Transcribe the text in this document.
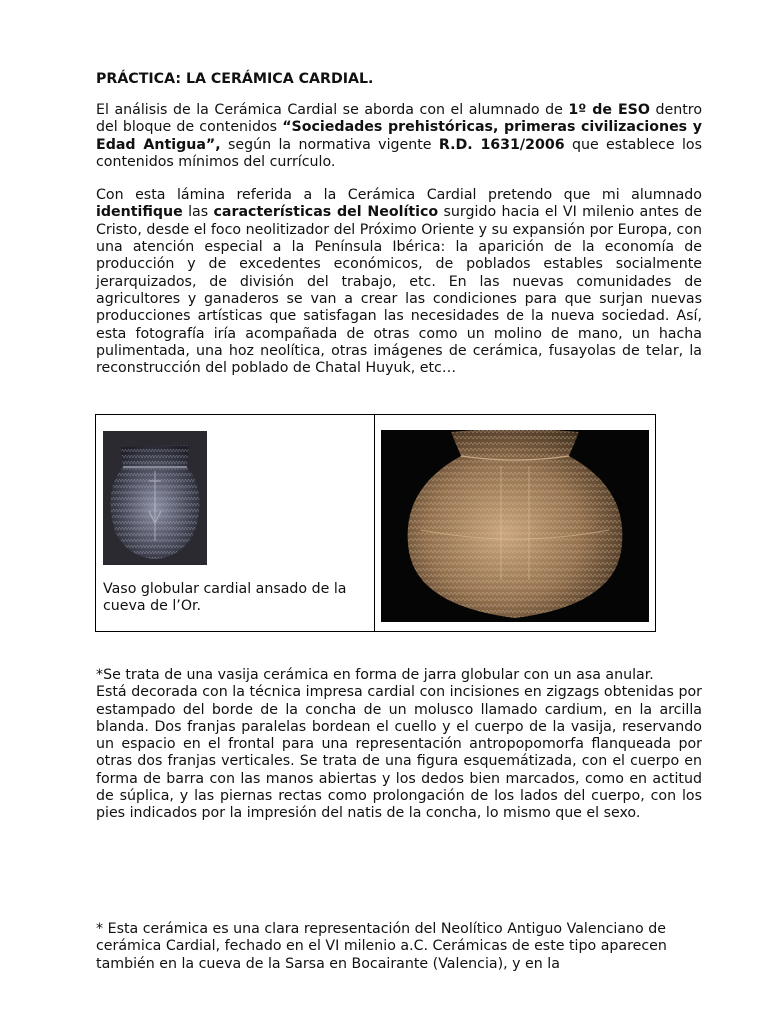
PRÁCTICA: LA CERÁMICA CARDIAL.

El análisis de la Cerámica Cardial se aborda con el alumnado de 1º de ESO dentro del bloque de contenidos “Sociedades prehistóricas, primeras civilizaciones y Edad Antigua”, según la normativa vigente R.D. 1631/2006 que establece los contenidos mínimos del currículo.

Con esta lámina referida a la Cerámica Cardial pretendo que mi alumnado identifique las características del Neolítico surgido hacia el VI milenio antes de Cristo, desde el foco neolitizador del Próximo Oriente y su expansión por Europa, con una atención especial a la Península Ibérica: la aparición de la economía de producción y de excedentes económicos, de poblados estables socialmente jerarquizados, de división del trabajo, etc. En las nuevas comunidades de agricultores y ganaderos se van a crear las condiciones para que surjan nuevas producciones artísticas que satisfagan las necesidades de la nueva sociedad. Así, esta fotografía iría acompañada de otras como un molino de mano, un hacha pulimentada, una hoz neolítica, otras imágenes de cerámica, fusayolas de telar, la reconstrucción del poblado de Chatal Huyuk, etc…

Vaso globular cardial ansado de la cueva de l’Or.

*Se trata de una vasija cerámica en forma de jarra globular con un asa anular.

Está decorada con la técnica impresa cardial con incisiones en zigzags obtenidas por estampado del borde de la concha de un molusco llamado cardium, en la arcilla blanda. Dos franjas paralelas bordean el cuello y el cuerpo de la vasija, reservando un espacio en el frontal para una representación antropopomorfa flanqueada por otras dos franjas verticales. Se trata de una figura esquemátizada, con el cuerpo en forma de barra con las manos abiertas y los dedos bien marcados, como en actitud de súplica, y las piernas rectas como prolongación de los lados del cuerpo, con los pies indicados por la impresión del natis de la concha, lo mismo que el sexo.

* Esta cerámica es una clara representación del Neolítico Antiguo Valenciano de cerámica Cardial, fechado en el VI milenio a.C. Cerámicas de este tipo aparecen también en la cueva de la Sarsa en Bocairante (Valencia), y en la
